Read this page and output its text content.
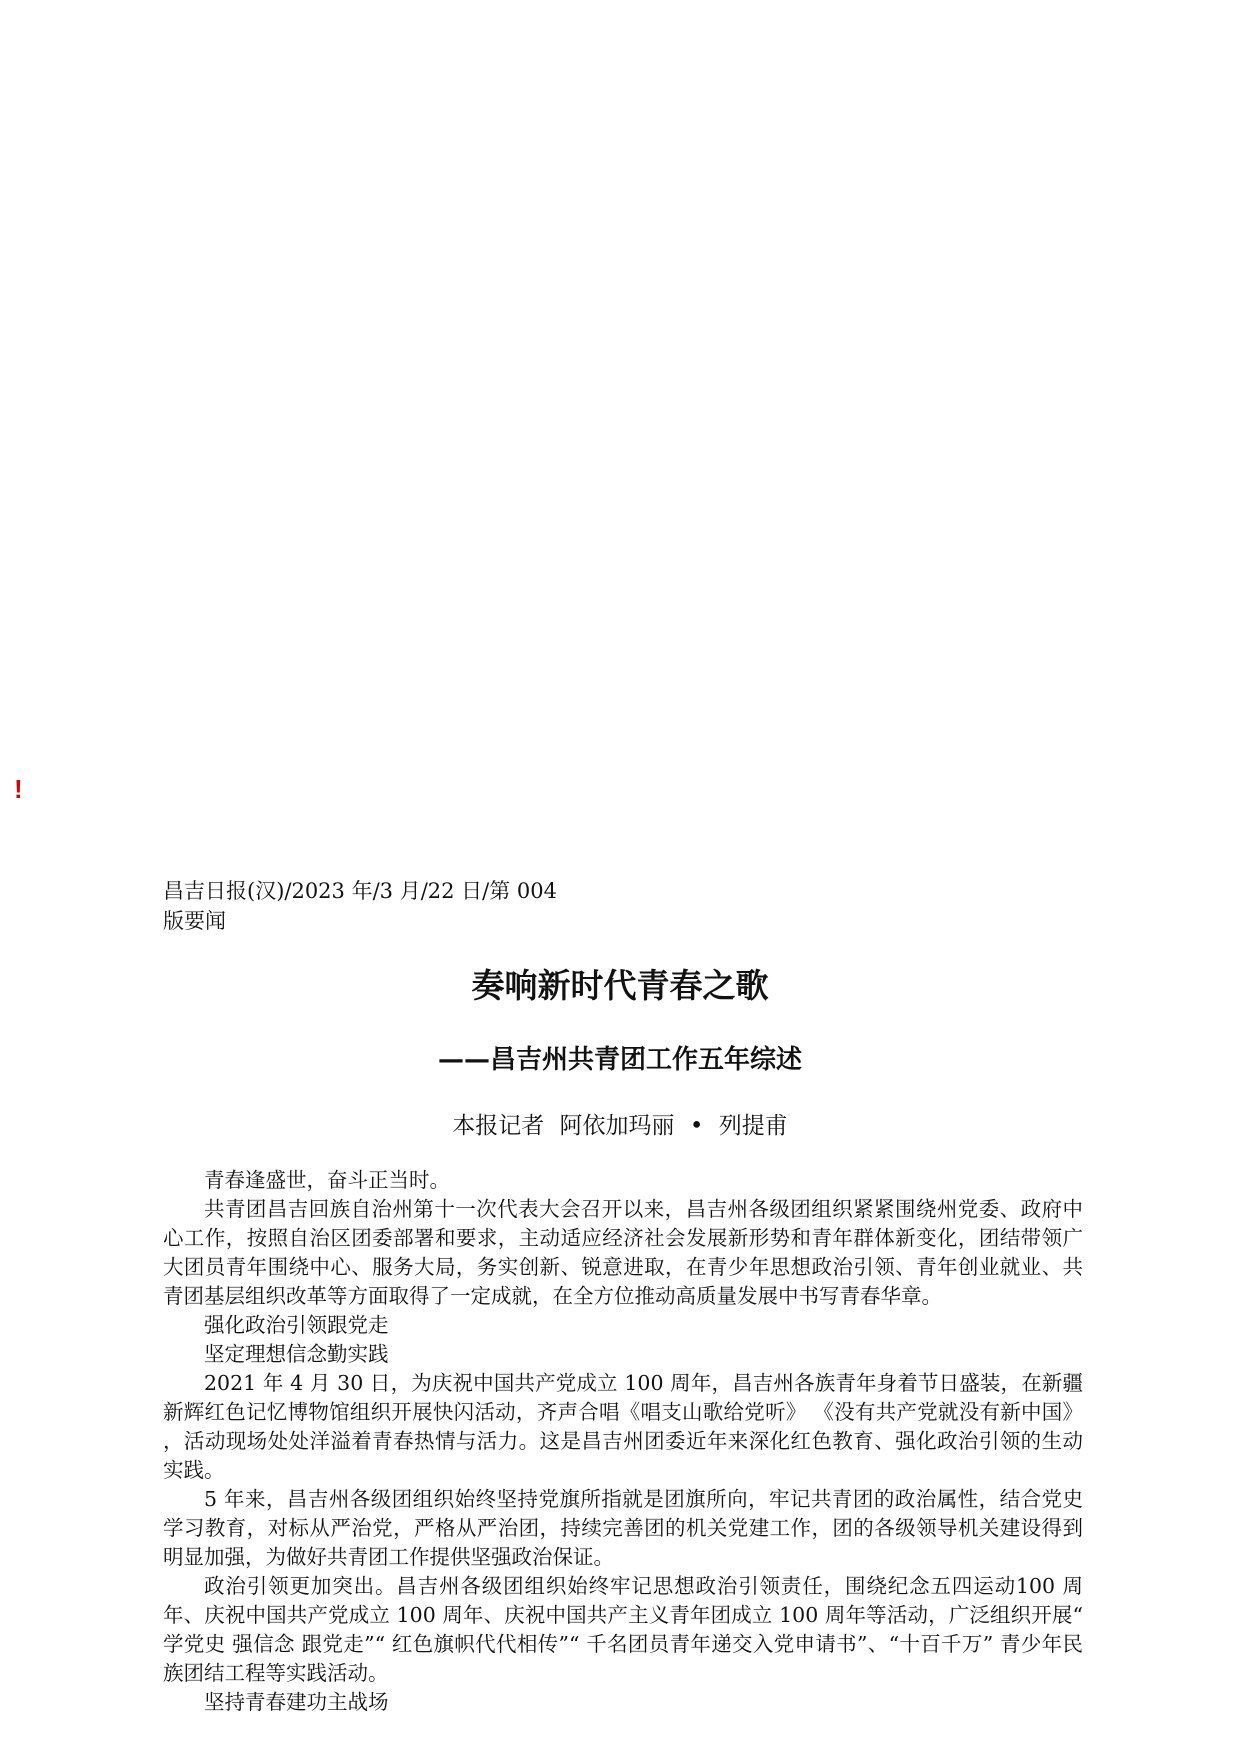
!
昌吉日报(汉)/2023 年/3 月/22 日/第 004
版要闻
奏响新时代青春之歌
——昌吉州共青团工作五年综述
本报记者 阿依加玛丽 • 列提甫

青春逢盛世，奋斗正当时。

共青团昌吉回族自治州第十一次代表大会召开以来，昌吉州各级团组织紧紧围绕州党委、政府中心工作，按照自治区团委部署和要求，主动适应经济社会发展新形势和青年群体新变化，团结带领广大团员青年围绕中心、服务大局，务实创新、锐意进取，在青少年思想政治引领、青年创业就业、共青团基层组织改革等方面取得了一定成就，在全方位推动高质量发展中书写青春华章。

强化政治引领跟党走

坚定理想信念勤实践

2021 年 4 月 30 日，为庆祝中国共产党成立 100 周年，昌吉州各族青年身着节日盛装，在新疆新辉红色记忆博物馆组织开展快闪活动，齐声合唱《唱支山歌给党听》 《没有共产党就没有新中国》 ，活动现场处处洋溢着青春热情与活力。这是昌吉州团委近年来深化红色教育、强化政治引领的生动实践。

5 年来，昌吉州各级团组织始终坚持党旗所指就是团旗所向，牢记共青团的政治属性，结合党史学习教育，对标从严治党，严格从严治团，持续完善团的机关党建工作，团的各级领导机关建设得到明显加强，为做好共青团工作提供坚强政治保证。

政治引领更加突出。昌吉州各级团组织始终牢记思想政治引领责任，围绕纪念五四运动100 周年、庆祝中国共产党成立 100 周年、庆祝中国共产主义青年团成立 100 周年等活动，广泛组织开展“ 学党史 强信念 跟党走”“ 红色旗帜代代相传”“ 千名团员青年递交入党申请书”、“十百千万” 青少年民族团结工程等实践活动。

坚持青春建功主战场
